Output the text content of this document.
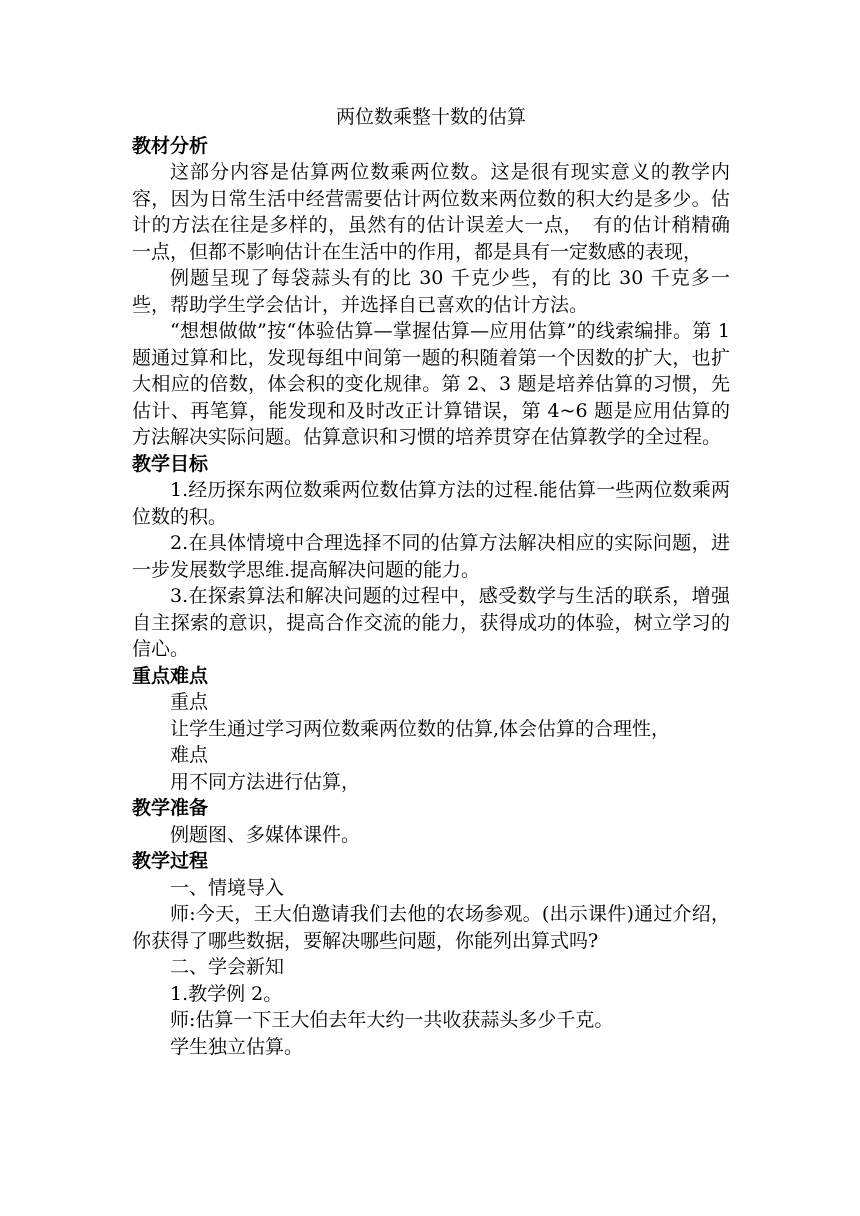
两位数乘整十数的估算
教材分析

这部分内容是估算两位数乘两位数。这是很有现实意义的教学内容，因为日常生活中经营需要估计两位数来两位数的积大约是多少。估计的方法在往是多样的，虽然有的估计误差大一点，　有的估计稍精确一点，但都不影响估计在生活中的作用，都是具有一定数感的表现，

例题呈现了每袋蒜头有的比 30 千克少些，有的比 30 千克多一些，帮助学生学会估计，并选择自已喜欢的估计方法。

“想想做做”按“体验估算—掌握估算—应用估算”的线索编排。第 1 题通过算和比，发现每组中间第一题的积随着第一个因数的扩大，也扩大相应的倍数，体会积的变化规律。第 2、3 题是培养估算的习惯，先估计、再笔算，能发现和及时改正计算错误，第 4~6 题是应用估算的方法解决实际问题。估算意识和习惯的培养贯穿在估算教学的全过程。

教学目标

1.经历探东两位数乘两位数估算方法的过程.能估算一些两位数乘两位数的积。

2.在具体情境中合理选择不同的估算方法解决相应的实际问题，进一步发展数学思维.提高解决问题的能力。

3.在探索算法和解决问题的过程中，感受数学与生活的联系，增强自主探索的意识，提高合作交流的能力，获得成功的体验，树立学习的信心。

重点难点

重点

让学生通过学习两位数乘两位数的估算,体会估算的合理性，

难点

用不同方法进行估算，

教学准备

例题图、多媒体课件。

教学过程

一、情境导入

师:今天，王大伯邀请我们去他的农场参观。(出示课件)通过介绍，你获得了哪些数据，要解决哪些问题，你能列出算式吗?

二、学会新知

1.教学例 2。

师:估算一下王大伯去年大约一共收获蒜头多少千克。

学生独立估算。
